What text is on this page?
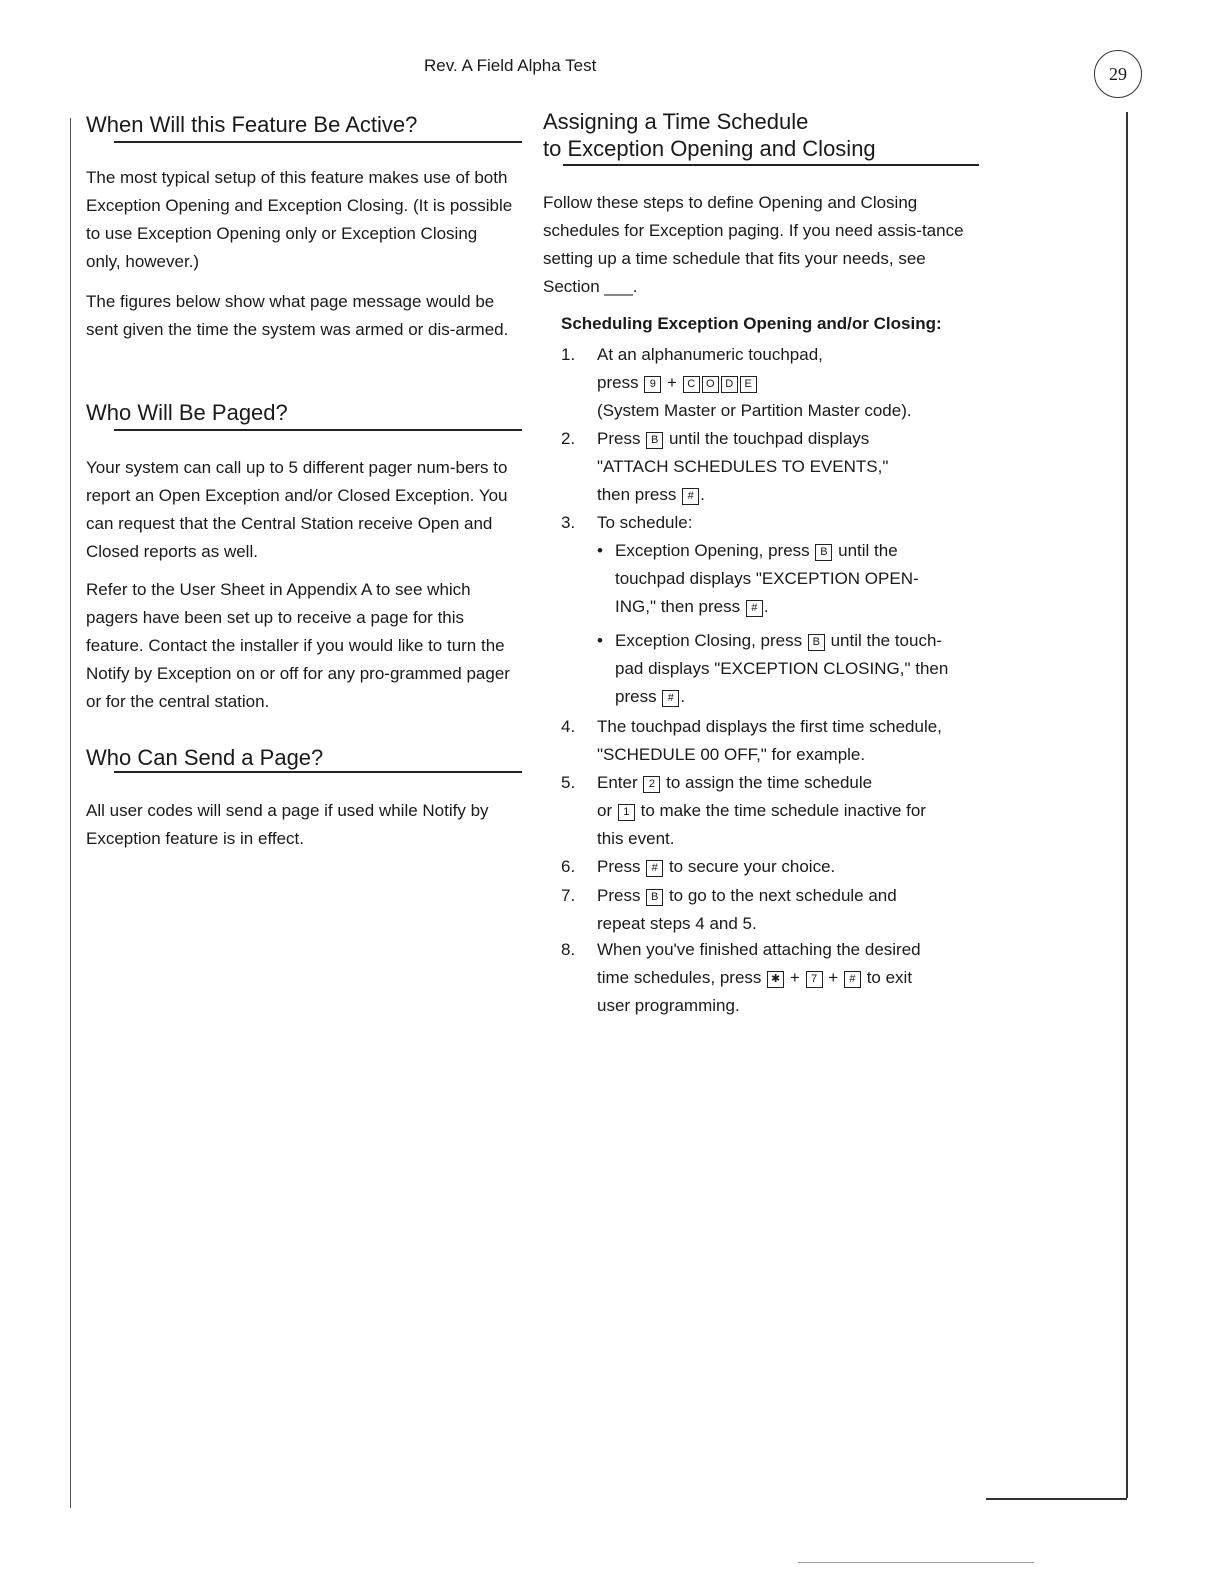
Rev. A Field Alpha Test	29
When Will this Feature Be Active?

The most typical setup of this feature makes use of both Exception Opening and Exception Closing. (It is possible to use Exception Opening only or Exception Closing only, however.)

The figures below show what page message would be sent given the time the system was armed or dis-armed.

Who Will Be Paged?

Your system can call up to 5 different pager num-bers to report an Open Exception and/or Closed Exception. You can request that the Central Station receive Open and Closed reports as well.

Refer to the User Sheet in Appendix A to see which pagers have been set up to receive a page for this feature. Contact the installer if you would like to turn the Notify by Exception on or off for any pro-grammed pager or for the central station.

Who Can Send a Page?

All user codes will send a page if used while Notify by Exception feature is in effect.

Assigning a Time Schedule
to Exception Opening and Closing

Follow these steps to define Opening and Closing schedules for Exception paging. If you need assis-tance setting up a time schedule that fits your needs, see Section ___.

Scheduling Exception Opening and/or Closing:
1. At an alphanumeric touchpad,
press 9 + C O D E
(System Master or Partition Master code).
2. Press B until the touchpad displays
"ATTACH SCHEDULES TO EVENTS,"
then press # .
3. To schedule:
• Exception Opening, press B until the
touchpad displays "EXCEPTION OPEN-
ING," then press # .
• Exception Closing, press B until the touch-
pad displays "EXCEPTION CLOSING," then
press # .
4. The touchpad displays the first time schedule,
"SCHEDULE 00 OFF," for example.
5. Enter 2 to assign the time schedule
or 1 to make the time schedule inactive for
this event.
6. Press # to secure your choice.
7. Press B to go to the next schedule and
repeat steps 4 and 5.
8. When you've finished attaching the desired
time schedules, press ✱ + 7 + # to exit
user programming.
